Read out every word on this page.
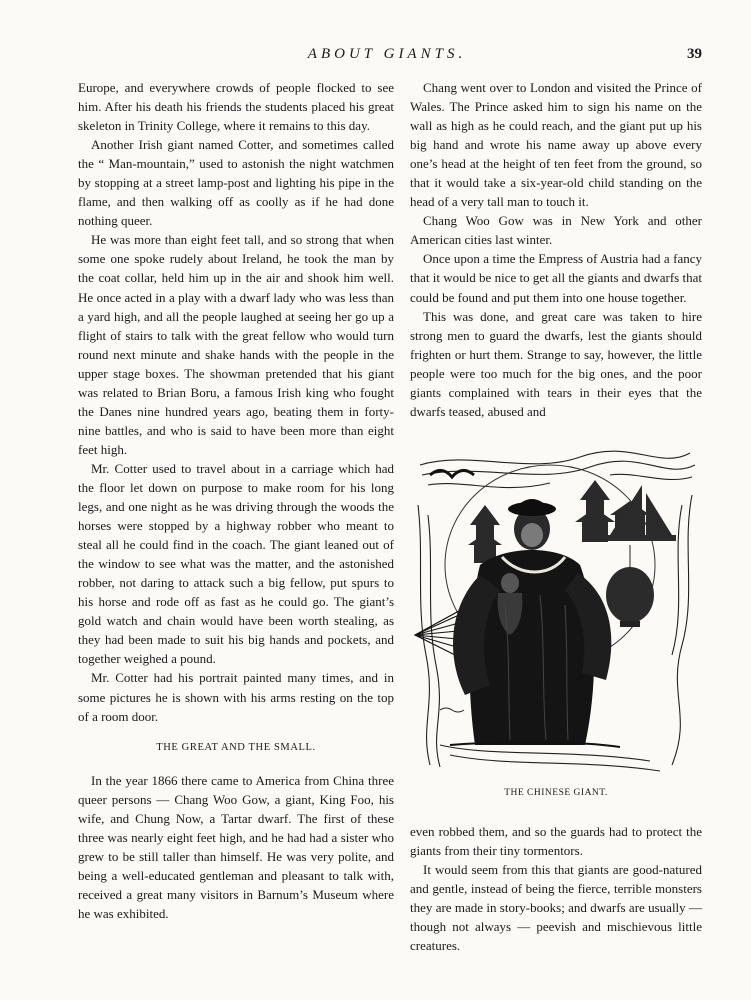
ABOUT GIANTS.	39

Europe, and everywhere crowds of people flocked to see him. After his death his friends the students placed his great skeleton in Trinity College, where it remains to this day.

Another Irish giant named Cotter, and sometimes called the “ Man-mountain,” used to astonish the night watchmen by stopping at a street lamp-post and lighting his pipe in the flame, and then walking off as coolly as if he had done nothing queer.

He was more than eight feet tall, and so strong that when some one spoke rudely about Ireland, he took the man by the coat collar, held him up in the air and shook him well. He once acted in a play with a dwarf lady who was less than a yard high, and all the people laughed at seeing her go up a flight of stairs to talk with the great fellow who would turn round next minute and shake hands with the people in the upper stage boxes. The showman pretended that his giant was related to Brian Boru, a famous Irish king who fought the Danes nine hundred years ago, beating them in forty-nine battles, and who is said to have been more than eight feet high.

Mr. Cotter used to travel about in a carriage which had the floor let down on purpose to make room for his long legs, and one night as he was driving through the woods the horses were stopped by a highway robber who meant to steal all he could find in the coach. The giant leaned out of the window to see what was the matter, and the astonished robber, not daring to attack such a big fellow, put spurs to his horse and rode off as fast as he could go. The giant’s gold watch and chain would have been worth stealing, as they had been made to suit his big hands and pockets, and together weighed a pound.

Mr. Cotter had his portrait painted many times, and in some pictures he is shown with his arms resting on the top of a room door.

THE GREAT AND THE SMALL.

In the year 1866 there came to America from China three queer persons — Chang Woo Gow, a giant, King Foo, his wife, and Chung Now, a Tartar dwarf. The first of these three was nearly eight feet high, and he had had a sister who grew to be still taller than himself. He was very polite, and being a well-educated gentleman and pleasant to talk with, received a great many visitors in Barnum’s Museum where he was exhibited.

Chang went over to London and visited the Prince of Wales. The Prince asked him to sign his name on the wall as high as he could reach, and the giant put up his big hand and wrote his name away up above every one’s head at the height of ten feet from the ground, so that it would take a six-year-old child standing on the head of a very tall man to touch it.

Chang Woo Gow was in New York and other American cities last winter.

Once upon a time the Empress of Austria had a fancy that it would be nice to get all the giants and dwarfs that could be found and put them into one house together.

This was done, and great care was taken to hire strong men to guard the dwarfs, lest the giants should frighten or hurt them. Strange to say, however, the little people were too much for the big ones, and the poor giants complained with tears in their eyes that the dwarfs teased, abused and

THE CHINESE GIANT.

even robbed them, and so the guards had to protect the giants from their tiny tormentors.

It would seem from this that giants are good-natured and gentle, instead of being the fierce, terrible monsters they are made in story-books; and dwarfs are usually — though not always — peevish and mischievous little creatures.
